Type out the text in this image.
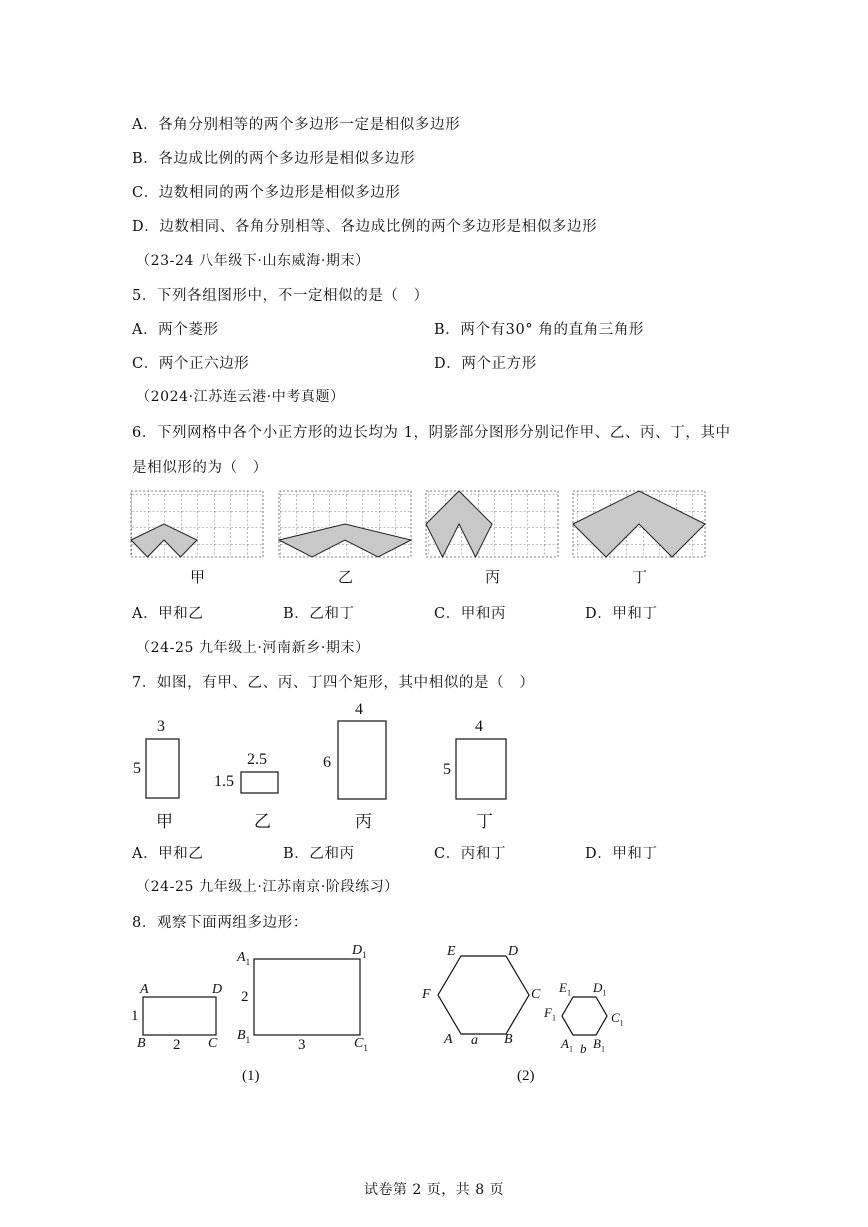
A．各角分别相等的两个多边形一定是相似多边形
B．各边成比例的两个多边形是相似多边形
C．边数相同的两个多边形是相似多边形
D．边数相同、各角分别相等、各边成比例的两个多边形是相似多边形
（23-24 八年级下·山东威海·期末）
5．下列各组图形中，不一定相似的是（　）
A．两个菱形	B．两个有30° 角的直角三角形
C．两个正六边形	D．两个正方形
（2024·江苏连云港·中考真题）
6．下列网格中各个小正方形的边长均为 1，阴影部分图形分别记作甲、乙、丙、丁，其中
是相似形的为（　）
甲	乙	丙	丁
A．甲和乙	B．乙和丁	C．甲和丙	D．甲和丁
（24-25 九年级上·河南新乡·期末）
7．如图，有甲、乙、丙、丁四个矩形，其中相似的是（　）
3
5
甲
2.5
1.5
乙
4
6
丙
4
5
丁
A．甲和乙	B．乙和丙	C．丙和丁	D．甲和丁
（24-25 九年级上·江苏南京·阶段练习）
8．观察下面两组多边形：
A	D
B	C
1
2
$A_1$
$D_1$
$B_1$	$C_1$
2
3
(1)
E	D
F	C
A	B
a
$E_1$ $D_1$
$F_1$	$C_1$
$A_1$ $B_1$
b
(2)
试卷第 2 页，共 8 页
